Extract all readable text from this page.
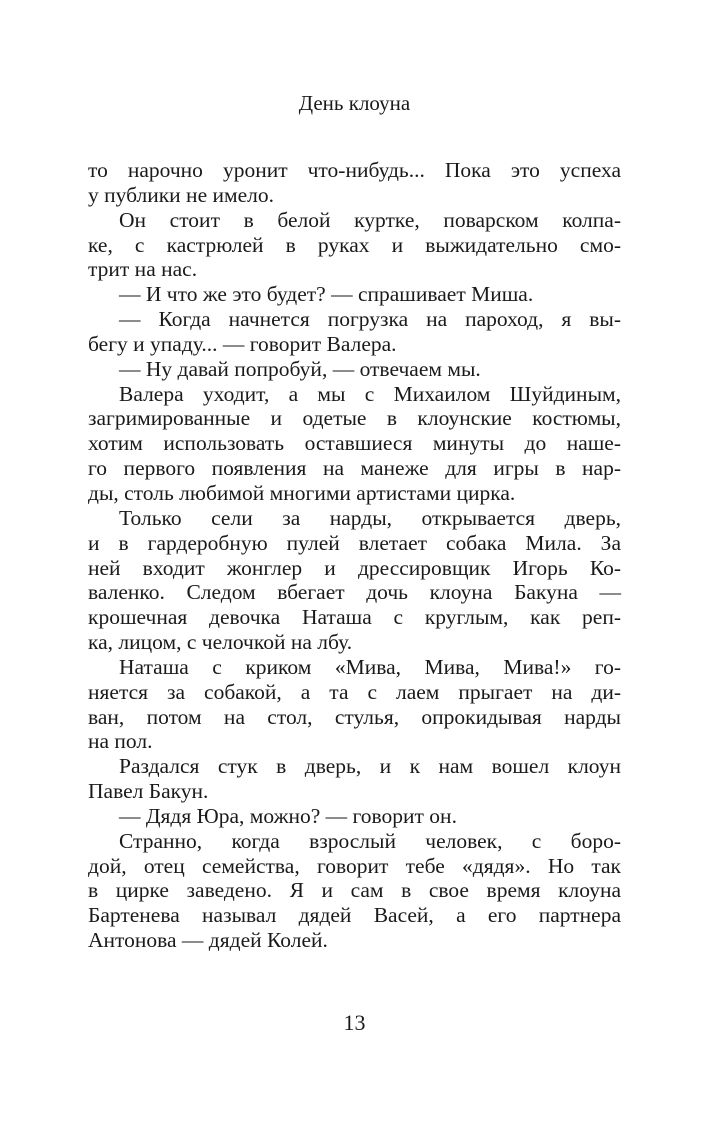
День клоуна
то нарочно уронит что-нибудь... Пока это успеха
у публики не имело.
Он стоит в белой куртке, поварском колпа-
ке, с кастрюлей в руках и выжидательно смо-
трит на нас.
— И что же это будет? — спрашивает Миша.
— Когда начнется погрузка на пароход, я вы-
бегу и упаду... — говорит Валера.
— Ну давай попробуй, — отвечаем мы.
Валера уходит, а мы с Михаилом Шуйдиным,
загримированные и одетые в клоунские костюмы,
хотим использовать оставшиеся минуты до наше-
го первого появления на манеже для игры в нар-
ды, столь любимой многими артистами цирка.
Только сели за нарды, открывается дверь,
и в гардеробную пулей влетает собака Мила. За
ней входит жонглер и дрессировщик Игорь Ко-
валенко. Следом вбегает дочь клоуна Бакуна —
крошечная девочка Наташа с круглым, как реп-
ка, лицом, с челочкой на лбу.
Наташа с криком «Мива, Мива, Мива!» го-
няется за собакой, а та с лаем прыгает на ди-
ван, потом на стол, стулья, опрокидывая нарды
на пол.
Раздался стук в дверь, и к нам вошел клоун
Павел Бакун.
— Дядя Юра, можно? — говорит он.
Странно, когда взрослый человек, с боро-
дой, отец семейства, говорит тебе «дядя». Но так
в цирке заведено. Я и сам в свое время клоуна
Бартенева называл дядей Васей, а его партнера
Антонова — дядей Колей.
13
